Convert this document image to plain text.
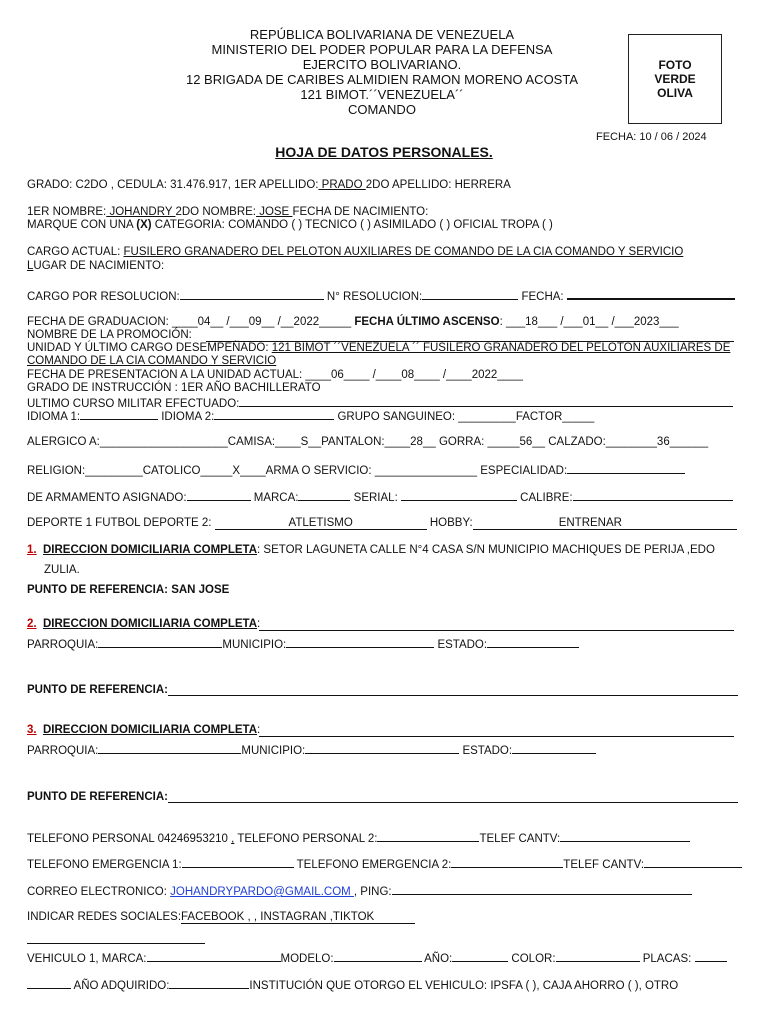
REPÚBLICA BOLIVARIANA DE VENEZUELA
MINISTERIO DEL PODER POPULAR PARA LA DEFENSA
EJERCITO BOLIVARIANO.
12 BRIGADA DE CARIBES ALMIDIEN RAMON MORENO ACOSTA
121 BIMOT.´´VENEZUELA´´
COMANDO
FOTO
VERDE
OLIVA
FECHA: 10 / 06 / 2024
HOJA DE DATOS PERSONALES.
GRADO: C2DO , CEDULA: 31.476.917, 1ER APELLIDO: PRADO 2DO APELLIDO: HERRERA
1ER NOMBRE: JOHANDRY 2DO NOMBRE: JOSE FECHA DE NACIMIENTO:
MARQUE CON UNA (X) CATEGORIA: COMANDO ( ) TECNICO ( ) ASIMILADO ( ) OFICIAL TROPA ( )
CARGO ACTUAL: FUSILERO GRANADERO DEL PELOTON AUXILIARES DE COMANDO DE LA CIA COMANDO Y SERVICIO
LUGAR DE NACIMIENTO:
CARGO POR RESOLUCION:	N° RESOLUCION:	FECHA:
FECHA DE GRADUACION: ____04__ /___09__ /__2022_____ FECHA ÚLTIMO ASCENSO: ___18___ /___01__ /___2023___
NOMBRE DE LA PROMOCIÓN:
UNIDAD Y ÚLTIMO CARGO DESEMPEÑADO: 121 BIMOT ´´VENEZUELA ´´ FUSILERO GRANADERO DEL PELOTON AUXILIARES DE
COMANDO DE LA CIA COMANDO Y SERVICIO
FECHA DE PRESENTACION A LA UNIDAD ACTUAL: ____06____ /____08____ /____2022____
GRADO DE INSTRUCCIÓN : 1ER AÑO BACHILLERATO
ULTIMO CURSO MILITAR EFECTUADO:
IDIOMA 1:	IDIOMA 2:	GRUPO SANGUINEO: _________FACTOR_____
ALERGICO A:____________________CAMISA:____S__PANTALON:____28__ GORRA: _____56__ CALZADO:________36______
RELIGION:_________CATOLICO_____X____ARMA O SERVICIO: ________________ ESPECIALIDAD:
DE ARMAMENTO ASIGNADO:	MARCA:	SERIAL:	CALIBRE:
DEPORTE 1 FUTBOL DEPORTE 2:	ATLETISMO	HOBBY:	ENTRENAR
1. DIRECCION DOMICILIARIA COMPLETA: SETOR LAGUNETA CALLE N°4 CASA S/N MUNICIPIO MACHIQUES DE PERIJA ,EDO
ZULIA.
PUNTO DE REFERENCIA: SAN JOSE
2. DIRECCION DOMICILIARIA COMPLETA:
PARROQUIA:	MUNICIPIO:	ESTADO:
PUNTO DE REFERENCIA:
3. DIRECCION DOMICILIARIA COMPLETA:
PARROQUIA:	MUNICIPIO:	ESTADO:
PUNTO DE REFERENCIA:
TELEFONO PERSONAL 04246953210 , TELEFONO PERSONAL 2:	TELEF CANTV:
TELEFONO EMERGENCIA 1:	TELEFONO EMERGENCIA 2:	TELEF CANTV:
CORREO ELECTRONICO: JOHANDRYPARDO@GMAIL.COM , PING:
INDICAR REDES SOCIALES:FACEBOOK , , INSTAGRAN ,TIKTOK
VEHICULO 1, MARCA:	MODELO:	AÑO:	COLOR:	PLACAS:
AÑO ADQUIRIDO:	INSTITUCIÓN QUE OTORGO EL VEHICULO: IPSFA ( ), CAJA AHORRO ( ), OTRO
